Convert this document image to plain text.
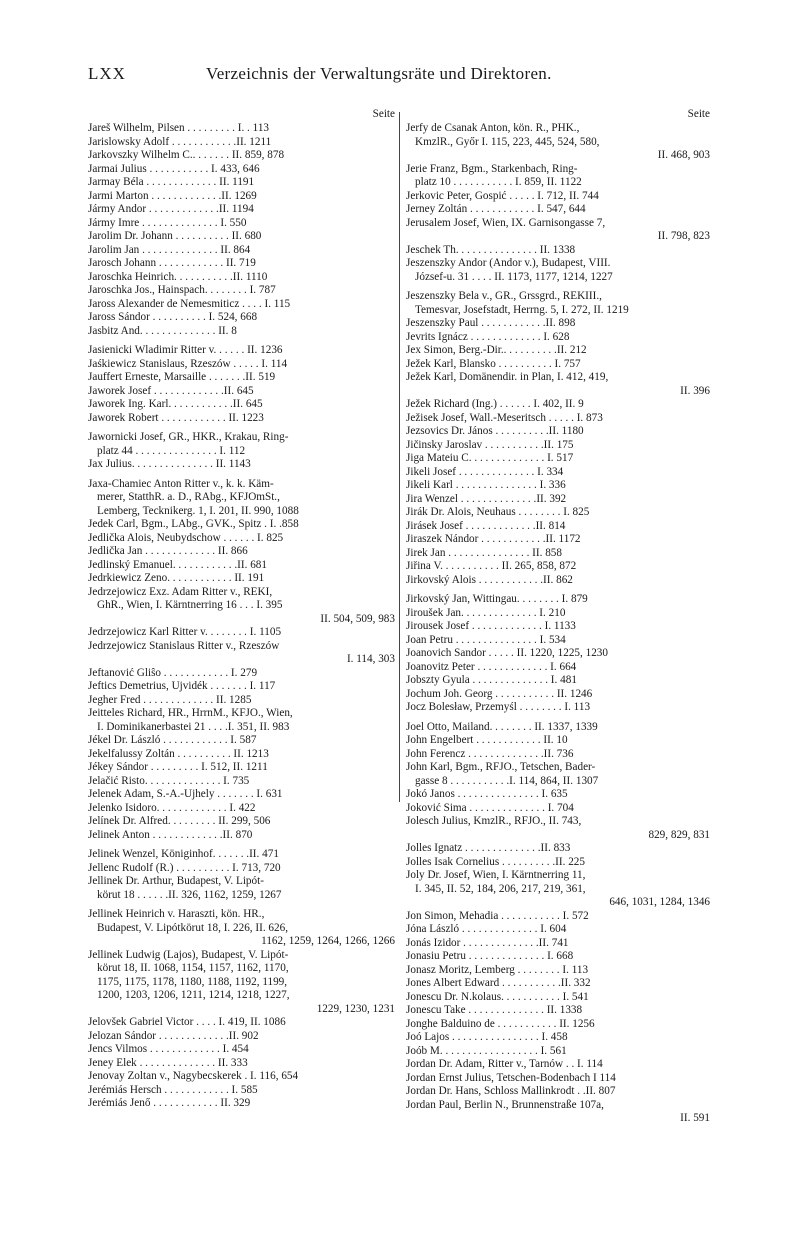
LXX	Verzeichnis der Verwaltungsräte und Direktoren.
Seite
Jareš Wilhelm, Pilsen . . . . . . . . . I. . 113
Jarislowsky Adolf . . . . . . . . . . . .II. 1211
Jarkovszky Wilhelm C.. . . . . . . II. 859, 878
Jarmai Julius . . . . . . . . . . . I. 433, 646
Jarmay Béla . . . . . . . . . . . . . II. 1191
Jarmi Marton . . . . . . . . . . . . .II. 1269
Jármy Andor . . . . . . . . . . . . .II. 1194
Jármy Imre . . . . . . . . . . . . . . I. 550
Jarolim Dr. Johann . . . . . . . . . . II. 680
Jarolim Jan . . . . . . . . . . . . . . II. 864
Jarosch Johann . . . . . . . . . . . . II. 719
Jaroschka Heinrich. . . . . . . . . . .II. 1110
Jaroschka Jos., Hainspach. . . . . . . . I. 787
Jaross Alexander de Nemesmiticz . . . . I. 115
Jaross Sándor . . . . . . . . . . I. 524, 668
Jasbitz And. . . . . . . . . . . . . . II. 8
Jasienicki Wladimir Ritter v. . . . . . II. 1236
Jaśkiewicz Stanislaus, Rzeszów . . . . . I. 114
Jauffert Erneste, Marsaille . . . . . . .II. 519
Jaworek Josef . . . . . . . . . . . . .II. 645
Jaworek Ing. Karl. . . . . . . . . . . .II. 645
Jaworek Robert . . . . . . . . . . . . II. 1223
Jawornicki Josef, GR., HKR., Krakau, Ring-
platz 44 . . . . . . . . . . . . . . . I. 112
Jax Julius. . . . . . . . . . . . . . . II. 1143
Jaxa-Chamiec Anton Ritter v., k. k. Käm-
merer, StatthR. a. D., RAbg., KFJOmSt.,
Lemberg, Tecknikerg. 1, I. 201, II. 990, 1088
Jedek Carl, Bgm., LAbg., GVK., Spitz . I. .858
Jedlička Alois, Neubydschow . . . . . . I. 825
Jedlička Jan . . . . . . . . . . . . . II. 866
Jedlinský Emanuel. . . . . . . . . . . .II. 681
Jedrkiewicz Zeno. . . . . . . . . . . . II. 191
Jedrzejowicz Exz. Adam Ritter v., REKI,
GhR., Wien, I. Kärntnerring 16 . . . I. 395
II. 504, 509, 983
Jedrzejowicz Karl Ritter v. . . . . . . . I. 1105
Jedrzejowicz Stanislaus Ritter v., Rzeszów
I. 114, 303
Jeftanović Gliŝo . . . . . . . . . . . . I. 279
Jeftics Demetrius, Ujvidék . . . . . . . I. 117
Jegher Fred . . . . . . . . . . . . . II. 1285
Jeitteles Richard, HR., HrrnM., KFJO., Wien,
I. Dominikanerbastei 21 . . . .I. 351, II. 983
Jékel Dr. László . . . . . . . . . . . . I. 587
Jekelfalussy Zoltán . . . . . . . . . . II. 1213
Jékey Sándor . . . . . . . . . I. 512, II. 1211
Jelačić Risto. . . . . . . . . . . . . . I. 735
Jelenek Adam, S.-A.-Ujhely . . . . . . . I. 631
Jelenko Isidoro. . . . . . . . . . . . . I. 422
Jelínek Dr. Alfred. . . . . . . . . II. 299, 506
Jelinek Anton . . . . . . . . . . . . .II. 870
Jelinek Wenzel, Königinhof. . . . . . .II. 471
Jellenc Rudolf (R.) . . . . . . . . . . I. 713, 720
Jellinek Dr. Arthur, Budapest, V. Lipót-
körut 18 . . . . . .II. 326, 1162, 1259, 1267
Jellinek Heinrich v. Haraszti, kön. HR.,
Budapest, V. Lipótkörut 18, I. 226, II. 626,
1162, 1259, 1264, 1266, 1266
Jellinek Ludwig (Lajos), Budapest, V. Lipót-
körut 18, II. 1068, 1154, 1157, 1162, 1170,
1175, 1175, 1178, 1180, 1188, 1192, 1199,
1200, 1203, 1206, 1211, 1214, 1218, 1227,
1229, 1230, 1231
Jelovšek Gabriel Victor . . . . I. 419, II. 1086
Jelozan Sándor . . . . . . . . . . . . .II. 902
Jencs Vilmos . . . . . . . . . . . . . I. 454
Jeney Elek . . . . . . . . . . . . . . II. 333
Jenovay Zoltan v., Nagybecskerek . I. 116, 654
Jerémiás Hersch . . . . . . . . . . . . I. 585
Jerémiás Jenő . . . . . . . . . . . . II. 329
Seite
Jerfy de Csanak Anton, kön. R., PHK.,
KmzlR., Győr I. 115, 223, 445, 524, 580,
II. 468, 903
Jerie Franz, Bgm., Starkenbach, Ring-
platz 10 . . . . . . . . . . . I. 859, II. 1122
Jerkovic Peter, Gospić . . . . . I. 712, II. 744
Jerney Zoltán . . . . . . . . . . . . I. 547, 644
Jerusalem Josef, Wien, IX. Garnisongasse 7,
II. 798, 823
Jeschek Th. . . . . . . . . . . . . . . II. 1338
Jeszenszky Andor (Andor v.), Budapest, VIII.
József-u. 31 . . . . II. 1173, 1177, 1214, 1227
Jeszenszky Bela v., GR., Grssgrd., REKIII.,
Temesvar, Josefstadt, Herrng. 5, I. 272, II. 1219
Jeszenszky Paul . . . . . . . . . . . .II. 898
Jevrits Ignácz . . . . . . . . . . . . . I. 628
Jex Simon, Berg.-Dir.. . . . . . . . . .II. 212
Ježek Karl, Blansko . . . . . . . . . . I. 757
Ježek Karl, Domänendir. in Plan, I. 412, 419,
II. 396
Ježek Richard (Ing.) . . . . . . I. 402, II. 9
Ježisek Josef, Wall.-Meseritsch . . . . . I. 873
Jezsovics Dr. János . . . . . . . . . .II. 1180
Jičinsky Jaroslav . . . . . . . . . . .II. 175
Jiga Mateiu C. . . . . . . . . . . . . . I. 517
Jikeli Josef . . . . . . . . . . . . . . I. 334
Jikeli Karl . . . . . . . . . . . . . . . I. 336
Jira Wenzel . . . . . . . . . . . . . .II. 392
Jirák Dr. Alois, Neuhaus . . . . . . . . I. 825
Jirásek Josef . . . . . . . . . . . . .II. 814
Jiraszek Nándor . . . . . . . . . . . .II. 1172
Jirek Jan . . . . . . . . . . . . . . . II. 858
Jiřina V. . . . . . . . . . . II. 265, 858, 872
Jirkovský Alois . . . . . . . . . . . .II. 862
Jirkovský Jan, Wittingau. . . . . . . . I. 879
Jiroušek Jan. . . . . . . . . . . . . . I. 210
Jirousek Josef . . . . . . . . . . . . . I. 1133
Joan Petru . . . . . . . . . . . . . . . I. 534
Joanovich Sandor . . . . . II. 1220, 1225, 1230
Joanovitz Peter . . . . . . . . . . . . . I. 664
Jobszty Gyula . . . . . . . . . . . . . . I. 481
Jochum Joh. Georg . . . . . . . . . . . II. 1246
Jocz Bolesław, Przemyśl . . . . . . . . I. 113
Joel Otto, Mailand. . . . . . . . II. 1337, 1339
John Engelbert . . . . . . . . . . . . II. 10
John Ferencz . . . . . . . . . . . . . .II. 736
John Karl, Bgm., RFJO., Tetschen, Bader-
gasse 8 . . . . . . . . . . .I. 114, 864, II. 1307
Jokó Janos . . . . . . . . . . . . . . . I. 635
Joković Sima . . . . . . . . . . . . . . I. 704
Jolesch Julius, KmzlR., RFJO., II. 743,
829, 829, 831
Jolles Ignatz . . . . . . . . . . . . . .II. 833
Jolles Isak Cornelius . . . . . . . . . .II. 225
Joly Dr. Josef, Wien, I. Kärntnerring 11,
I. 345, II. 52, 184, 206, 217, 219, 361,
646, 1031, 1284, 1346
Jon Simon, Mehadia . . . . . . . . . . . I. 572
Jóna László . . . . . . . . . . . . . . I. 604
Jonás Izidor . . . . . . . . . . . . . .II. 741
Jonasiu Petru . . . . . . . . . . . . . . I. 668
Jonasz Moritz, Lemberg . . . . . . . . I. 113
Jones Albert Edward . . . . . . . . . . .II. 332
Jonescu Dr. N.kolaus. . . . . . . . . . . I. 541
Jonescu Take . . . . . . . . . . . . . . II. 1338
Jonghe Balduino de . . . . . . . . . . . II. 1256
Joó Lajos . . . . . . . . . . . . . . . . I. 458
Joób M. . . . . . . . . . . . . . . . . . I. 561
Jordan Dr. Adam, Ritter v., Tarnów . . I. 114
Jordan Ernst Julius, Tetschen-Bodenbach I 114
Jordan Dr. Hans, Schloss Mallinkrodt . .II. 807
Jordan Paul, Berlin N., Brunnenstraße 107a,
II. 591
